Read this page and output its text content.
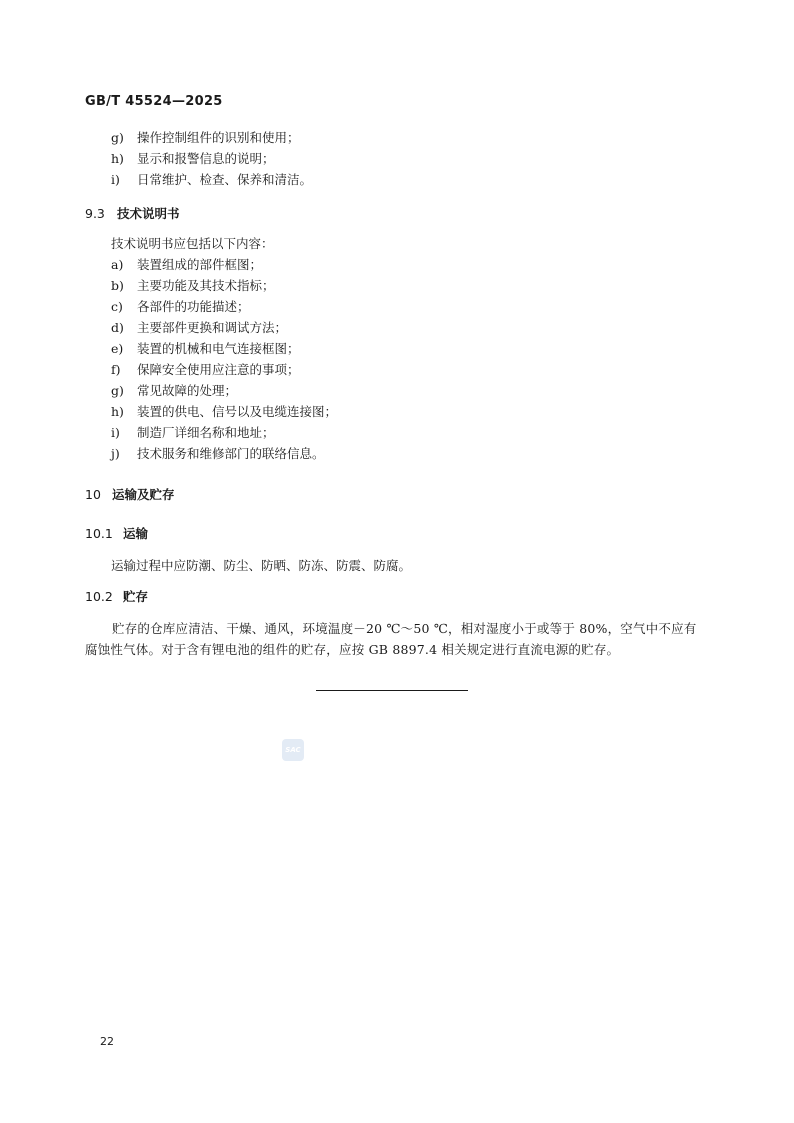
GB/T 45524—2025
g) 操作控制组件的识别和使用；
h) 显示和报警信息的说明；
i) 日常维护、检查、保养和清洁。
9.3 技术说明书
技术说明书应包括以下内容：
a) 装置组成的部件框图；
b) 主要功能及其技术指标；
c) 各部件的功能描述；
d) 主要部件更换和调试方法；
e) 装置的机械和电气连接框图；
f) 保障安全使用应注意的事项；
g) 常见故障的处理；
h) 装置的供电、信号以及电缆连接图；
i) 制造厂详细名称和地址；
j) 技术服务和维修部门的联络信息。
10 运输及贮存
10.1 运输
运输过程中应防潮、防尘、防晒、防冻、防震、防腐。
10.2 贮存
贮存的仓库应清洁、干燥、通风，环境温度－20 ℃～50 ℃，相对湿度小于或等于 80%，空气中不应有腐蚀性气体。对于含有锂电池的组件的贮存，应按 GB 8897.4 相关规定进行直流电源的贮存。
SAC
22
